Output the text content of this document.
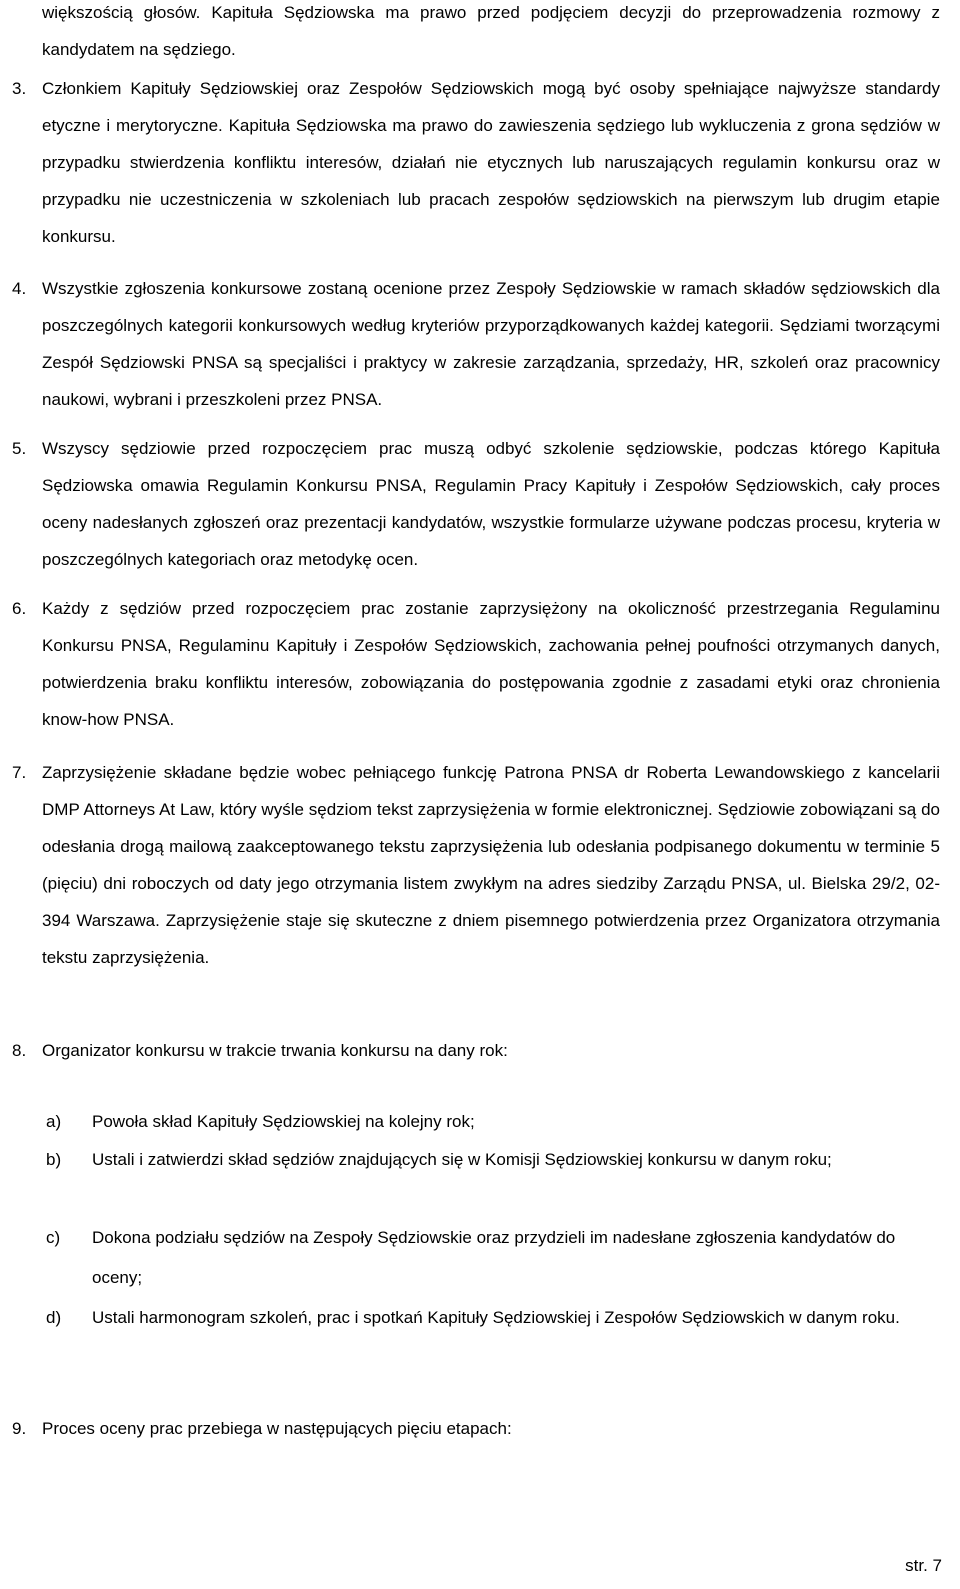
większością głosów. Kapituła Sędziowska ma prawo przed podjęciem decyzji do przeprowadzenia rozmowy z kandydatem na sędziego.
3. Członkiem Kapituły Sędziowskiej oraz Zespołów Sędziowskich mogą być osoby spełniające najwyższe standardy etyczne i merytoryczne. Kapituła Sędziowska ma prawo do zawieszenia sędziego lub wykluczenia z grona sędziów w przypadku stwierdzenia konfliktu interesów, działań nie etycznych lub naruszających regulamin konkursu oraz w przypadku nie uczestniczenia w szkoleniach lub pracach zespołów sędziowskich na pierwszym lub drugim etapie konkursu.
4. Wszystkie zgłoszenia konkursowe zostaną ocenione przez Zespoły Sędziowskie w ramach składów sędziowskich dla poszczególnych kategorii konkursowych według kryteriów przyporządkowanych każdej kategorii. Sędziami tworzącymi Zespół Sędziowski PNSA są specjaliści i praktycy w zakresie zarządzania, sprzedaży, HR, szkoleń oraz pracownicy naukowi, wybrani i przeszkoleni przez PNSA.
5. Wszyscy sędziowie przed rozpoczęciem prac muszą odbyć szkolenie sędziowskie, podczas którego Kapituła Sędziowska omawia Regulamin Konkursu PNSA, Regulamin Pracy Kapituły i Zespołów Sędziowskich, cały proces oceny nadesłanych zgłoszeń oraz prezentacji kandydatów, wszystkie formularze używane podczas procesu, kryteria w poszczególnych kategoriach oraz metodykę ocen.
6. Każdy z sędziów przed rozpoczęciem prac zostanie zaprzysiężony na okoliczność przestrzegania Regulaminu Konkursu PNSA, Regulaminu Kapituły i Zespołów Sędziowskich, zachowania pełnej poufności otrzymanych danych, potwierdzenia braku konfliktu interesów, zobowiązania do postępowania zgodnie z zasadami etyki oraz chronienia know-how PNSA.
7. Zaprzysiężenie składane będzie wobec pełniącego funkcję Patrona PNSA dr Roberta Lewandowskiego z kancelarii DMP Attorneys At Law, który wyśle sędziom tekst zaprzysiężenia w formie elektronicznej. Sędziowie zobowiązani są do odesłania drogą mailową zaakceptowanego tekstu zaprzysiężenia lub odesłania podpisanego dokumentu w terminie 5 (pięciu) dni roboczych od daty jego otrzymania listem zwykłym na adres siedziby Zarządu PNSA, ul. Bielska 29/2, 02-394 Warszawa. Zaprzysiężenie staje się skuteczne z dniem pisemnego potwierdzenia przez Organizatora otrzymania tekstu zaprzysiężenia.
8. Organizator konkursu w trakcie trwania konkursu na dany rok:
a) Powoła skład Kapituły Sędziowskiej na kolejny rok;
b) Ustali i zatwierdzi skład sędziów znajdujących się w Komisji Sędziowskiej konkursu w danym roku;
c) Dokona podziału sędziów na Zespoły Sędziowskie oraz przydzieli im nadesłane zgłoszenia kandydatów do oceny;
d) Ustali harmonogram szkoleń, prac i spotkań Kapituły Sędziowskiej i Zespołów Sędziowskich w danym roku.
9. Proces oceny prac przebiega w następujących pięciu etapach:
str. 7
